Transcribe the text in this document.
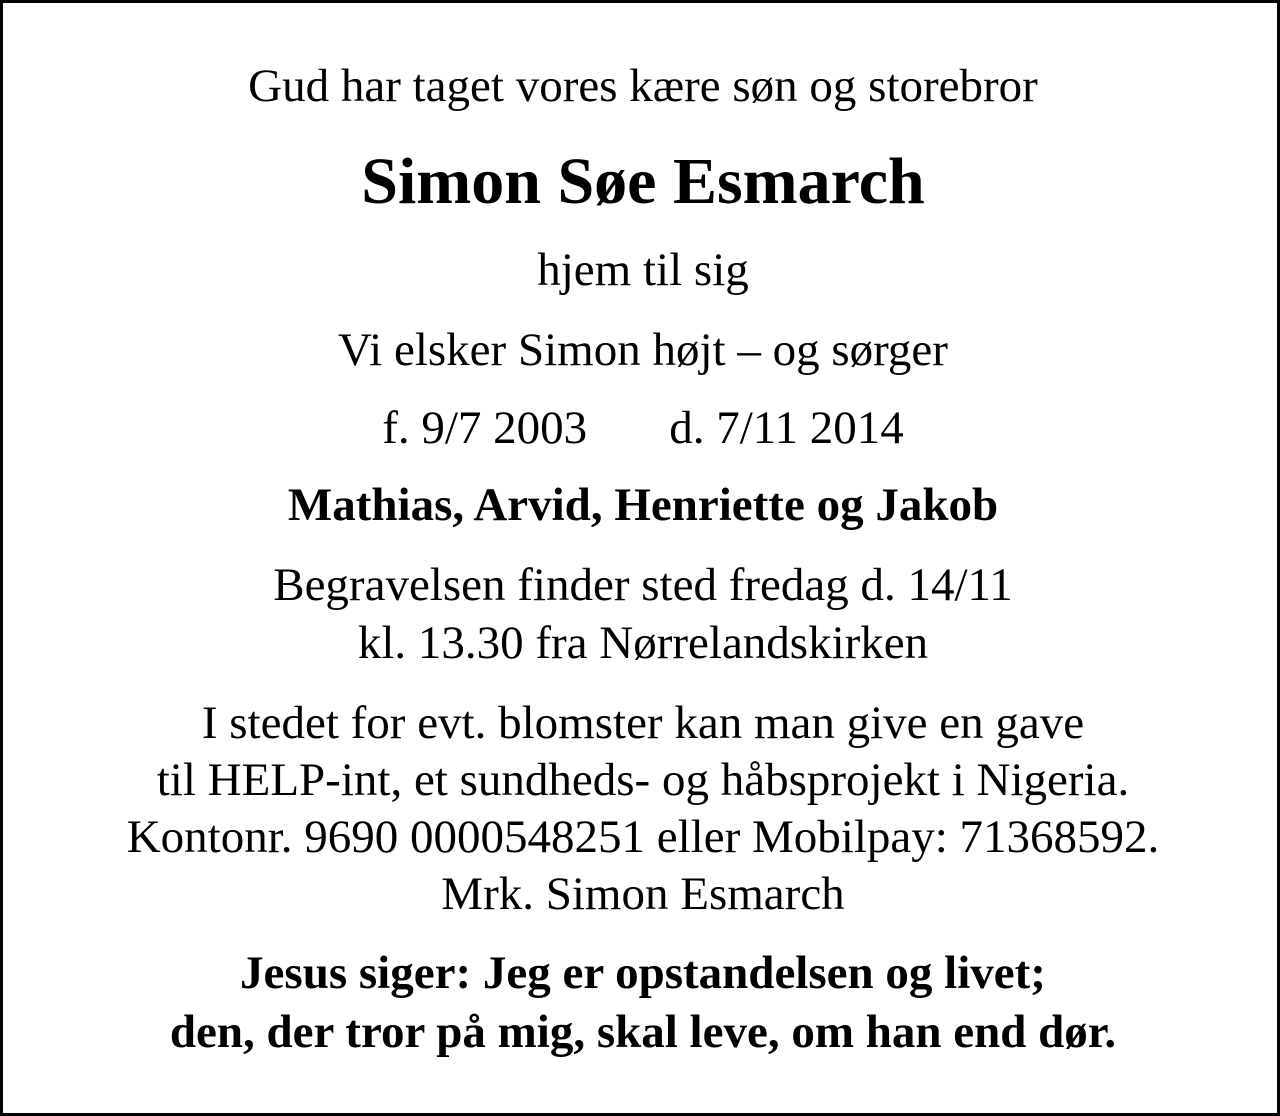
Gud har taget vores kære søn og storebror
Simon Søe Esmarch
hjem til sig
Vi elsker Simon højt – og sørger
f. 9/7 2003 d. 7/11 2014
Mathias, Arvid, Henriette og Jakob
Begravelsen finder sted fredag d. 14/11
kl. 13.30 fra Nørrelandskirken
I stedet for evt. blomster kan man give en gave
til HELP-int, et sundheds- og håbsprojekt i Nigeria.
Kontonr. 9690 0000548251 eller Mobilpay: 71368592.
Mrk. Simon Esmarch
Jesus siger: Jeg er opstandelsen og livet;
den, der tror på mig, skal leve, om han end dør.
